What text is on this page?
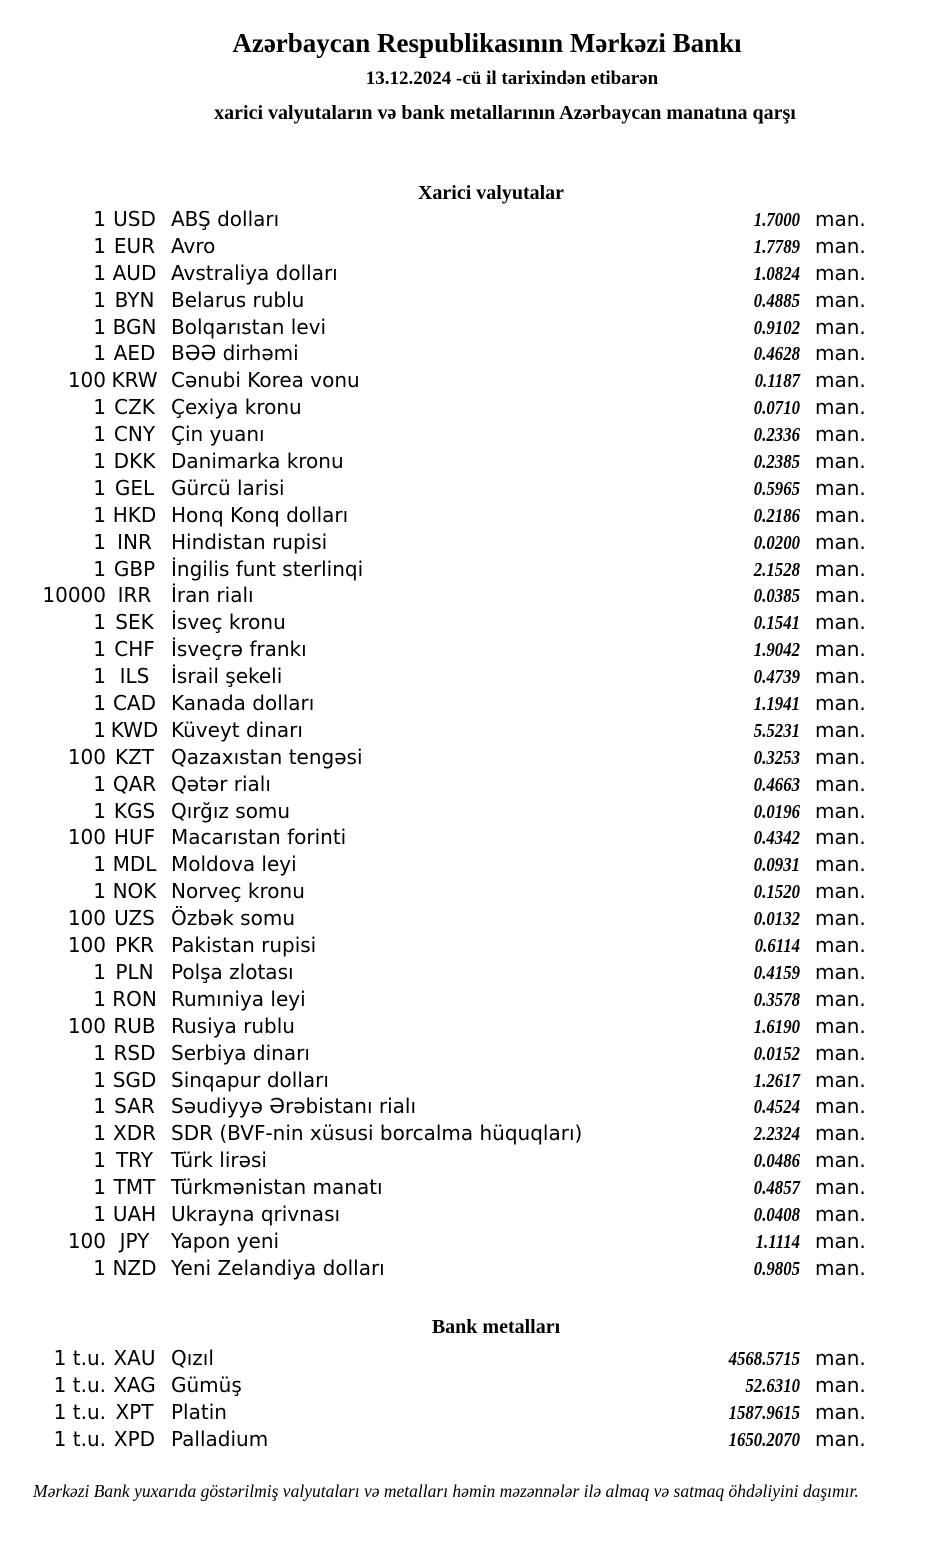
Azərbaycan Respublikasının Mərkəzi Bankı
13.12.2024 -cü il tarixindən etibarən
xarici valyutaların və bank metallarının Azərbaycan manatına qarşı
Xarici valyutalar
1 USD ABŞ dolları	1.7000 man.
1 EUR Avro	1.7789 man.
1 AUD Avstraliya dolları	1.0824 man.
1 BYN Belarus rublu	0.4885 man.
1 BGN Bolqarıstan levi	0.9102 man.
1 AED BƏƏ dirhəmi	0.4628 man.
100 KRW Cənubi Korea vonu	0.1187 man.
1 CZK Çexiya kronu	0.0710 man.
1 CNY Çin yuanı	0.2336 man.
1 DKK Danimarka kronu	0.2385 man.
1 GEL Gürcü larisi	0.5965 man.
1 HKD Honq Konq dolları	0.2186 man.
1 INR Hindistan rupisi	0.0200 man.
1 GBP İngilis funt sterlinqi	2.1528 man.
10000 IRR İran rialı	0.0385 man.
1 SEK İsveç kronu	0.1541 man.
1 CHF İsveçrə frankı	1.9042 man.
1 ILS İsrail şekeli	0.4739 man.
1 CAD Kanada dolları	1.1941 man.
1 KWD Küveyt dinarı	5.5231 man.
100 KZT Qazaxıstan tengəsi	0.3253 man.
1 QAR Qətər rialı	0.4663 man.
1 KGS Qırğız somu	0.0196 man.
100 HUF Macarıstan forinti	0.4342 man.
1 MDL Moldova leyi	0.0931 man.
1 NOK Norveç kronu	0.1520 man.
100 UZS Özbək somu	0.0132 man.
100 PKR Pakistan rupisi	0.6114 man.
1 PLN Polşa zlotası	0.4159 man.
1 RON Rumıniya leyi	0.3578 man.
100 RUB Rusiya rublu	1.6190 man.
1 RSD Serbiya dinarı	0.0152 man.
1 SGD Sinqapur dolları	1.2617 man.
1 SAR Səudiyyə Ərəbistanı rialı	0.4524 man.
1 XDR SDR (BVF-nin xüsusi borcalma hüquqları)	2.2324 man.
1 TRY Türk lirəsi	0.0486 man.
1 TMT Türkmənistan manatı	0.4857 man.
1 UAH Ukrayna qrivnası	0.0408 man.
100 JPY Yapon yeni	1.1114 man.
1 NZD Yeni Zelandiya dolları	0.9805 man.
Bank metalları
1 t.u. XAU Qızıl	4568.5715 man.
1 t.u. XAG Gümüş	52.6310 man.
1 t.u. XPT Platin	1587.9615 man.
1 t.u. XPD Palladium	1650.2070 man.
Mərkəzi Bank yuxarıda göstərilmiş valyutaları və metalları həmin məzənnələr ilə almaq və satmaq öhdəliyini daşımır.
